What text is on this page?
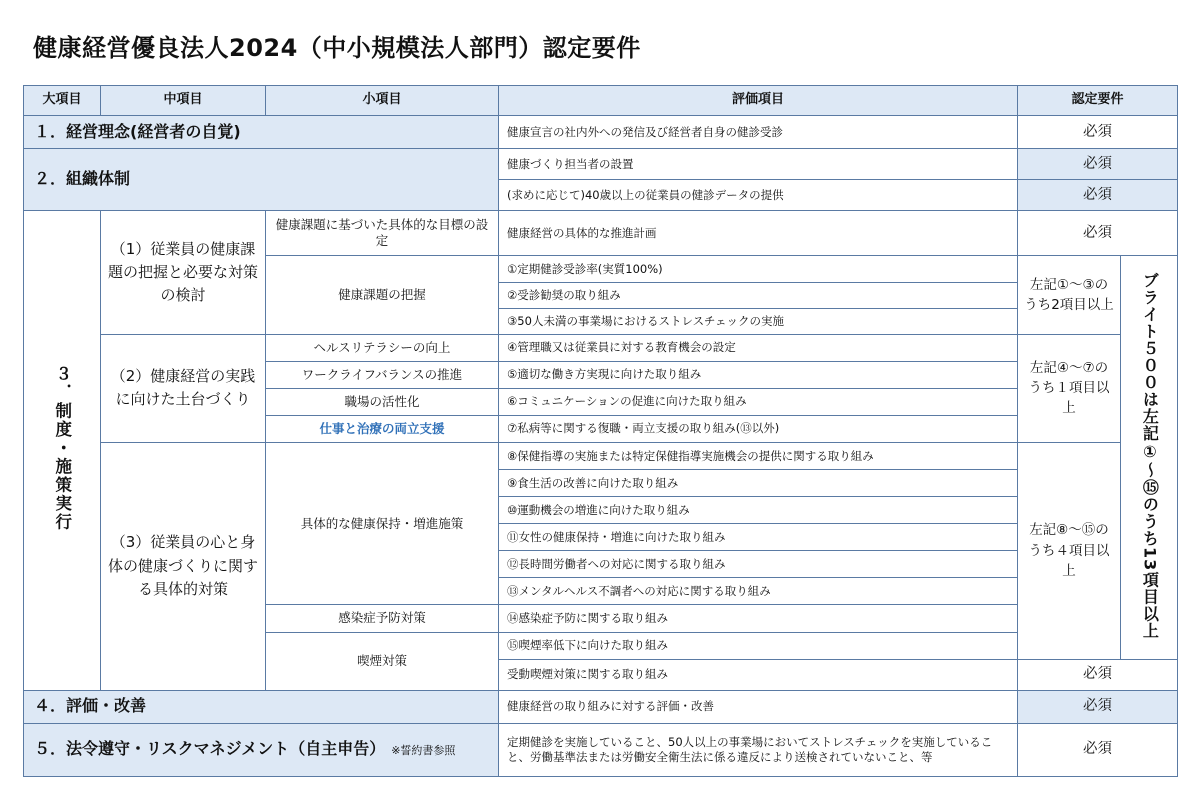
健康経営優良法人2024（中小規模法人部門）認定要件
大項目	中項目	小項目	評価項目	認定要件	
１．経営理念(経営者の自覚)			健康宣言の社内外への発信及び経営者自身の健診受診	必須	
２．組織体制			健康づくり担当者の設置	必須	
			(求めに応じて)40歳以上の従業員の健診データの提供	必須	
３．制度・施策実行	（1）従業員の健康課題の把握と必要な対策の検討	健康課題に基づいた具体的な目標の設定	健康経営の具体的な推進計画	必須	
		健康課題の把握	①定期健診受診率(実質100%)	左記①～③のうち2項目以上	ブライト５００は左記①～⑮のうち13項目以上
			②受診勧奨の取り組み		
			③50人未満の事業場におけるストレスチェックの実施		
	（2）健康経営の実践に向けた土台づくり	ヘルスリテラシーの向上	④管理職又は従業員に対する教育機会の設定	左記④～⑦のうち１項目以上	
		ワークライフバランスの推進	⑤適切な働き方実現に向けた取り組み		
		職場の活性化	⑥コミュニケーションの促進に向けた取り組み		
		仕事と治療の両立支援	⑦私病等に関する復職・両立支援の取り組み(⑬以外)		
	（3）従業員の心と身体の健康づくりに関する具体的対策	具体的な健康保持・増進施策	⑧保健指導の実施または特定保健指導実施機会の提供に関する取り組み	左記⑧～⑮のうち４項目以上	
			⑨食生活の改善に向けた取り組み		
			⑩運動機会の増進に向けた取り組み		
			⑪女性の健康保持・増進に向けた取り組み		
			⑫長時間労働者への対応に関する取り組み		
			⑬メンタルヘルス不調者への対応に関する取り組み		
		感染症予防対策	⑭感染症予防に関する取り組み		
		喫煙対策	⑮喫煙率低下に向けた取り組み		
			受動喫煙対策に関する取り組み	必須	
４．評価・改善			健康経営の取り組みに対する評価・改善	必須	
５．法令遵守・リスクマネジメント（自主申告） ※誓約書参照			定期健診を実施していること、50人以上の事業場においてストレスチェックを実施していること、労働基準法または労働安全衛生法に係る違反により送検されていないこと、等	必須	
